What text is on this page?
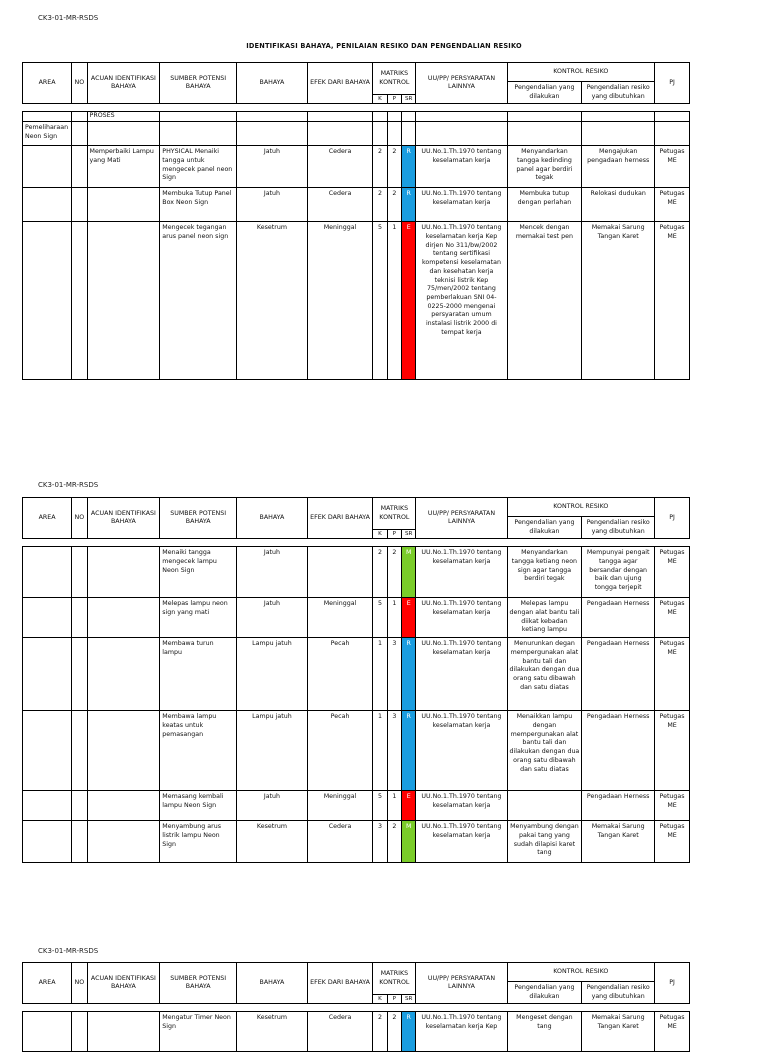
CK3-01-MR-RSDS
IDENTIFIKASI BAHAYA, PENILAIAN RESIKO DAN PENGENDALIAN RESIKO
AREA	NO	ACUAN IDENTIFIKASI BAHAYA	SUMBER POTENSI BAHAYA	BAHAYA	EFEK DARI BAHAYA	MATRIKS KONTROL			UU/PP/ PERSYARATAN LAINNYA	KONTROL RESIKO		PJ
										Pengendalian yang dilakukan	Pengendalian resiko yang dibutuhkan	
						K	P	SR				

		PROSES										
Pemeliharaan Neon Sign												
		Memperbaiki Lampu yang Mati	PHYSICAL Menaiki tangga untuk mengecek panel neon Sign	Jatuh	Cedera	2	2	R	UU.No.1.Th.1970 tentang keselamatan kerja	Menyandarkan tangga kedinding panel agar berdiri tegak	Mengajukan pengadaan herness	Petugas ME
			Membuka Tutup Panel Box Neon Sign	Jatuh	Cedera	2	2	R	UU.No.1.Th.1970 tentang keselamatan kerja	Membuka tutup dengan perlahan	Relokasi dudukan	Petugas ME
			Mengecek tegangan arus panel neon sign	Kesetrum	Meninggal	5	1	E	UU.No.1.Th.1970 tentang keselamatan kerja Kep dirjen No 311/bw/2002 tentang sertifikasi kompetensi keselamatan dan kesehatan kerja teknisi listrik Kep 75/men/2002 tentang pemberlakuan SNI 04-0225-2000 mengenai persyaratan umum instalasi listrik 2000 di tempat kerja	Mencek dengan memakai test pen	Memakai Sarung Tangan Karet	Petugas ME
CK3-01-MR-RSDS
AREA	NO	ACUAN IDENTIFIKASI BAHAYA	SUMBER POTENSI BAHAYA	BAHAYA	EFEK DARI BAHAYA	MATRIKS KONTROL			UU/PP/ PERSYARATAN LAINNYA	KONTROL RESIKO		PJ
										Pengendalian yang dilakukan	Pengendalian resiko yang dibutuhkan	
						K	P	SR				

			Menaiki tangga mengecek lampu Neon Sign	Jatuh		2	2	M	UU.No.1.Th.1970 tentang keselamatan kerja	Menyandarkan tangga ketiang neon sign agar tangga berdiri tegak	Mempunyai pengait tangga agar bersandar dengan baik dan ujung tongga terjepit	Petugas ME
			Melepas lampu neon sign yang mati	Jatuh	Meninggal	5	1	E	UU.No.1.Th.1970 tentang keselamatan kerja	Melepas lampu dengan alat bantu tali diikat kebadan ketiang lampu	Pengadaan Herness	Petugas ME
			Membawa turun lampu	Lampu jatuh	Pecah	1	3	R	UU.No.1.Th.1970 tentang keselamatan kerja	Menurunkan degan mempergunakan alat bantu tali dan dilakukan dengan dua orang satu dibawah dan satu diatas	Pengadaan Herness	Petugas ME
			Membawa lampu keatas untuk pemasangan	Lampu jatuh	Pecah	1	3	R	UU.No.1.Th.1970 tentang keselamatan kerja	Menaikkan lampu dengan mempergunakan alat bantu tali dan dilakukan dengan dua orang satu dibawah dan satu diatas	Pengadaan Herness	Petugas ME
			Memasang kembali lampu Neon Sign	Jatuh	Meninggal	5	1	E	UU.No.1.Th.1970 tentang keselamatan kerja		Pengadaan Herness	Petugas ME
			Menyambung arus listrik lampu Neon Sign	Kesetrum	Cedera	3	2	M	UU.No.1.Th.1970 tentang keselamatan kerja	Menyambung dengan pakai tang yang sudah dilapisi karet tang	Memakai Sarung Tangan Karet	Petugas ME
CK3-01-MR-RSDS
AREA	NO	ACUAN IDENTIFIKASI BAHAYA	SUMBER POTENSI BAHAYA	BAHAYA	EFEK DARI BAHAYA	MATRIKS KONTROL			UU/PP/ PERSYARATAN LAINNYA	KONTROL RESIKO		PJ
										Pengendalian yang dilakukan	Pengendalian resiko yang dibutuhkan	
						K	P	SR				

			Mengatur Timer Neon Sign	Kesetrum	Cedera	2	2	R	UU.No.1.Th.1970 tentang keselamatan kerja Kep	Mengeset dengan tang	Memakai Sarung Tangan Karet	Petugas ME
